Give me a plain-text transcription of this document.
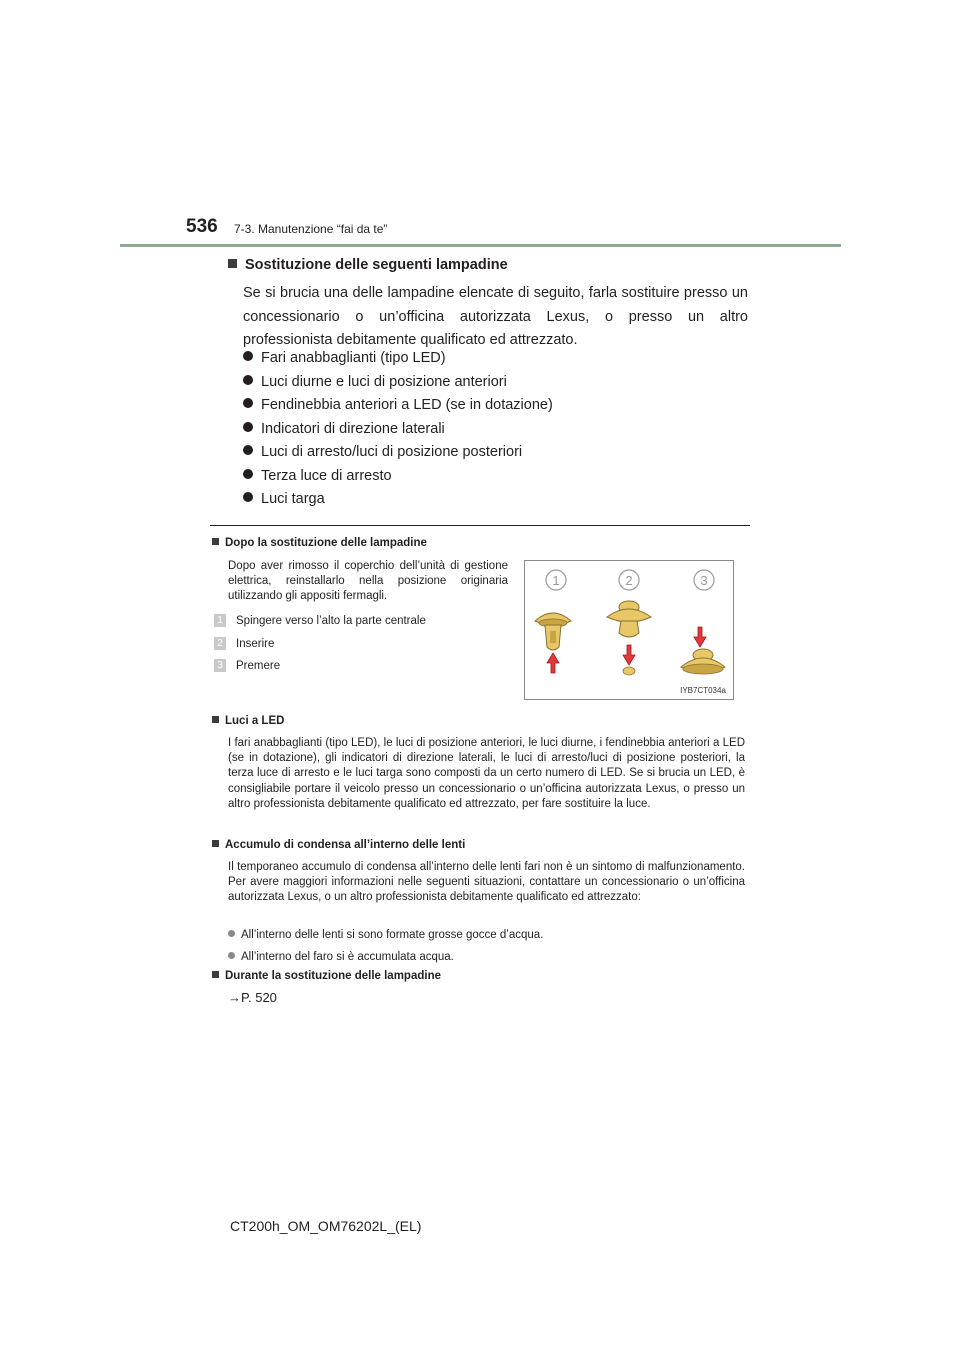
536 7-3. Manutenzione “fai da te”
Sostituzione delle seguenti lampadine
Se si brucia una delle lampadine elencate di seguito, farla sostituire presso un concessionario o un’officina autorizzata Lexus, o presso un altro professionista debitamente qualificato ed attrezzato.
Fari anabbaglianti (tipo LED)
Luci diurne e luci di posizione anteriori
Fendinebbia anteriori a LED (se in dotazione)
Indicatori di direzione laterali
Luci di arresto/luci di posizione posteriori
Terza luce di arresto
Luci targa
Dopo la sostituzione delle lampadine
Dopo aver rimosso il coperchio dell’unità di gestione elettrica, reinstallarlo nella posizione originaria utilizzando gli appositi fermagli.
1 Spingere verso l’alto la parte centrale
2 Inserire
3 Premere
1	2	3
IYB7CT034a
Luci a LED
I fari anabbaglianti (tipo LED), le luci di posizione anteriori, le luci diurne, i fendinebbia anteriori a LED (se in dotazione), gli indicatori di direzione laterali, le luci di arresto/luci di posizione posteriori, la terza luce di arresto e le luci targa sono composti da un certo numero di LED. Se si brucia un LED, è consigliabile portare il veicolo presso un concessionario o un’officina autorizzata Lexus, o presso un altro professionista debitamente qualificato ed attrezzato, per fare sostituire la luce.
Accumulo di condensa all’interno delle lenti
Il temporaneo accumulo di condensa all’interno delle lenti fari non è un sintomo di malfunzionamento. Per avere maggiori informazioni nelle seguenti situazioni, contattare un concessionario o un’officina autorizzata Lexus, o un altro professionista debitamente qualificato ed attrezzato:
All’interno delle lenti si sono formate grosse gocce d’acqua.
All’interno del faro si è accumulata acqua.
Durante la sostituzione delle lampadine
→P. 520
CT200h_OM_OM76202L_(EL)
